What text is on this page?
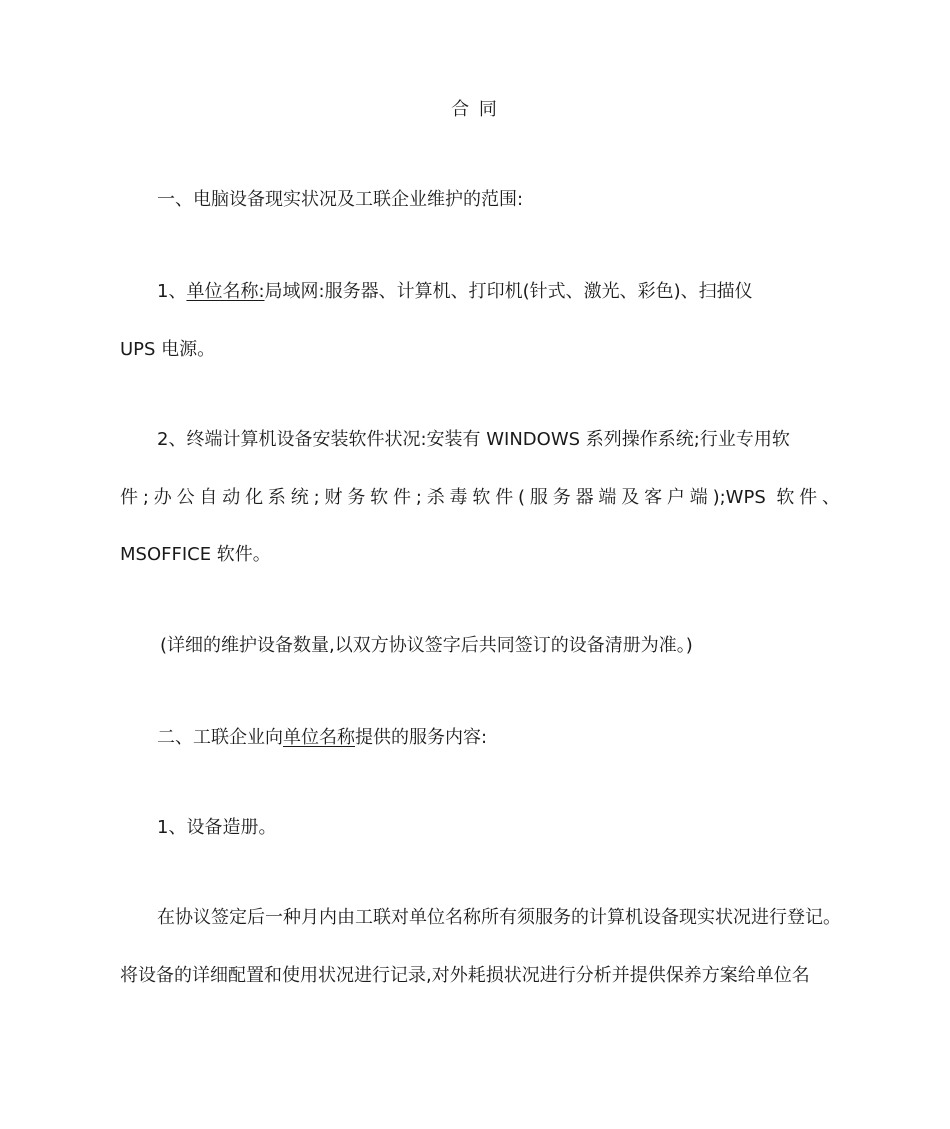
合 同
一、电脑设备现实状况及工联企业维护的范围:
1、单位名称:局域网:服务器、计算机、打印机(针式、激光、彩色)、扫描仪
UPS 电源。
2、终端计算机设备安装软件状况:安装有 WINDOWS 系列操作系统;行业专用软
件;办公自动化系统;财务软件;杀毒软件(服务器端及客户端);WPS 软件、
MSOFFICE 软件。
(详细的维护设备数量,以双方协议签字后共同签订的设备清册为准。)
二、工联企业向单位名称提供的服务内容:
1、设备造册。
在协议签定后一种月内由工联对单位名称所有须服务的计算机设备现实状况进行登记。
将设备的详细配置和使用状况进行记录,对外耗损状况进行分析并提供保养方案给单位名
